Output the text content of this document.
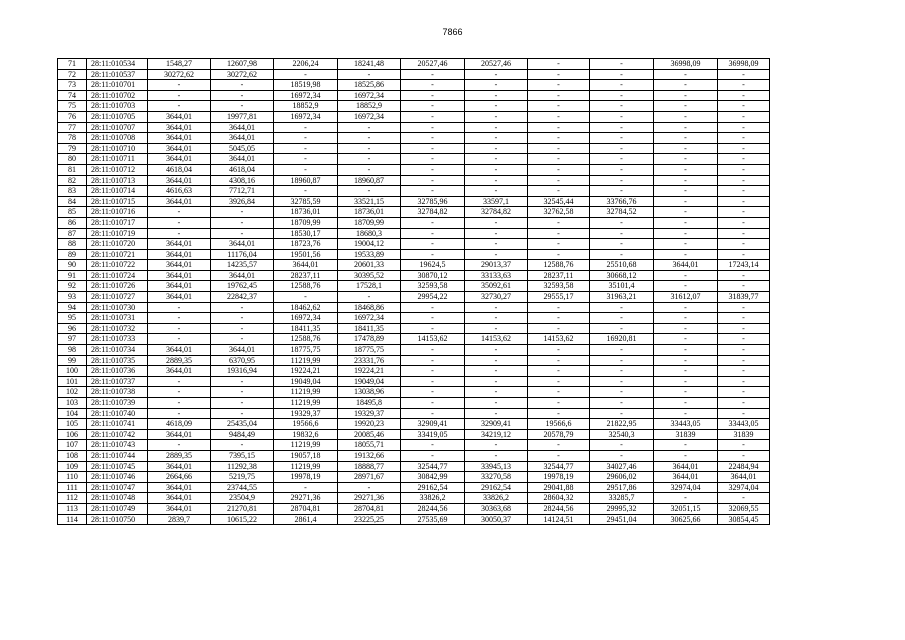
7866
71	28:11:010534	1548,27	12607,98	2206,24	18241,48	20527,46	20527,46	-	-	36998,09	36998,09
72	28:11:010537	30272,62	30272,62	-	-	-	-	-	-	-	-
73	28:11:010701	-	-	18519,98	18525,86	-	-	-	-	-	-
74	28:11:010702	-	-	16972,34	16972,34	-	-	-	-	-	-
75	28:11:010703	-	-	18852,9	18852,9	-	-	-	-	-	-
76	28:11:010705	3644,01	19977,81	16972,34	16972,34	-	-	-	-	-	-
77	28:11:010707	3644,01	3644,01	-	-	-	-	-	-	-	-
78	28:11:010708	3644,01	3644,01	-	-	-	-	-	-	-	-
79	28:11:010710	3644,01	5045,05	-	-	-	-	-	-	-	-
80	28:11:010711	3644,01	3644,01	-	-	-	-	-	-	-	-
81	28:11:010712	4618,04	4618,04	-	-	-	-	-	-	-	-
82	28:11:010713	3644,01	4308,16	18960,87	18960,87	-	-	-	-	-	-
83	28:11:010714	4616,63	7712,71	-	-	-	-	-	-	-	-
84	28:11:010715	3644,01	3926,84	32785,59	33521,15	32785,96	33597,1	32545,44	33766,76	-	-
85	28:11:010716	-	-	18736,01	18736,01	32784,82	32784,82	32762,58	32784,52	-	-
86	28:11:010717	-	-	18709,99	18709,99	-	-	-	-	-	-
87	28:11:010719	-	-	18530,17	18680,3	-	-	-	-	-	-
88	28:11:010720	3644,01	3644,01	18723,76	19004,12	-	-	-	-	-	-
89	28:11:010721	3644,01	11176,04	19501,56	19533,89	-	-	-	-	-	-
90	28:11:010722	3644,01	14235,57	3644,01	20601,33	19624,5	29013,37	12588,76	25510,68	3644,01	17243,14
91	28:11:010724	3644,01	3644,01	28237,11	30395,52	30870,12	33133,63	28237,11	30668,12	-	-
92	28:11:010726	3644,01	19762,45	12588,76	17528,1	32593,58	35092,61	32593,58	35101,4	-	-
93	28:11:010727	3644,01	22842,37	-	-	29954,22	32730,27	29555,17	31963,21	31612,07	31839,77
94	28:11:010730	-	-	18462,62	18468,86	-	-	-	-	-	-
95	28:11:010731	-	-	16972,34	16972,34	-	-	-	-	-	-
96	28:11:010732	-	-	18411,35	18411,35	-	-	-	-	-	-
97	28:11:010733	-	-	12588,76	17478,89	14153,62	14153,62	14153,62	16920,81	-	-
98	28:11:010734	3644,01	3644,01	18775,75	18775,75	-	-	-	-	-	-
99	28:11:010735	2889,35	6370,95	11219,99	23331,76	-	-	-	-	-	-
100	28:11:010736	3644,01	19316,94	19224,21	19224,21	-	-	-	-	-	-
101	28:11:010737	-	-	19049,04	19049,04	-	-	-	-	-	-
102	28:11:010738	-	-	11219,99	13038,96	-	-	-	-	-	-
103	28:11:010739	-	-	11219,99	18495,8	-	-	-	-	-	-
104	28:11:010740	-	-	19329,37	19329,37	-	-	-	-	-	-
105	28:11:010741	4618,09	25435,04	19566,6	19920,23	32909,41	32909,41	19566,6	21822,95	33443,05	33443,05
106	28:11:010742	3644,01	9484,49	19832,6	20085,46	33419,05	34219,12	20578,79	32540,3	31839	31839
107	28:11:010743	-	-	11219,99	18055,71	-	-	-	-	-	-
108	28:11:010744	2889,35	7395,15	19057,18	19132,66	-	-	-	-	-	-
109	28:11:010745	3644,01	11292,38	11219,99	18888,77	32544,77	33945,13	32544,77	34027,46	3644,01	22484,94
110	28:11:010746	2664,66	5219,75	19978,19	28971,67	30842,99	33270,58	19978,19	29606,02	3644,01	3644,01
111	28:11:010747	3644,01	23744,55	-	-	29162,54	29162,54	29041,88	29517,86	32974,04	32974,04
112	28:11:010748	3644,01	23504,9	29271,36	29271,36	33826,2	33826,2	28604,32	33285,7	-	-
113	28:11:010749	3644,01	21270,81	28704,81	28704,81	28244,56	30363,68	28244,56	29995,32	32051,15	32069,55
114	28:11:010750	2839,7	10615,22	2861,4	23225,25	27535,69	30050,37	14124,51	29451,04	30625,66	30854,45
